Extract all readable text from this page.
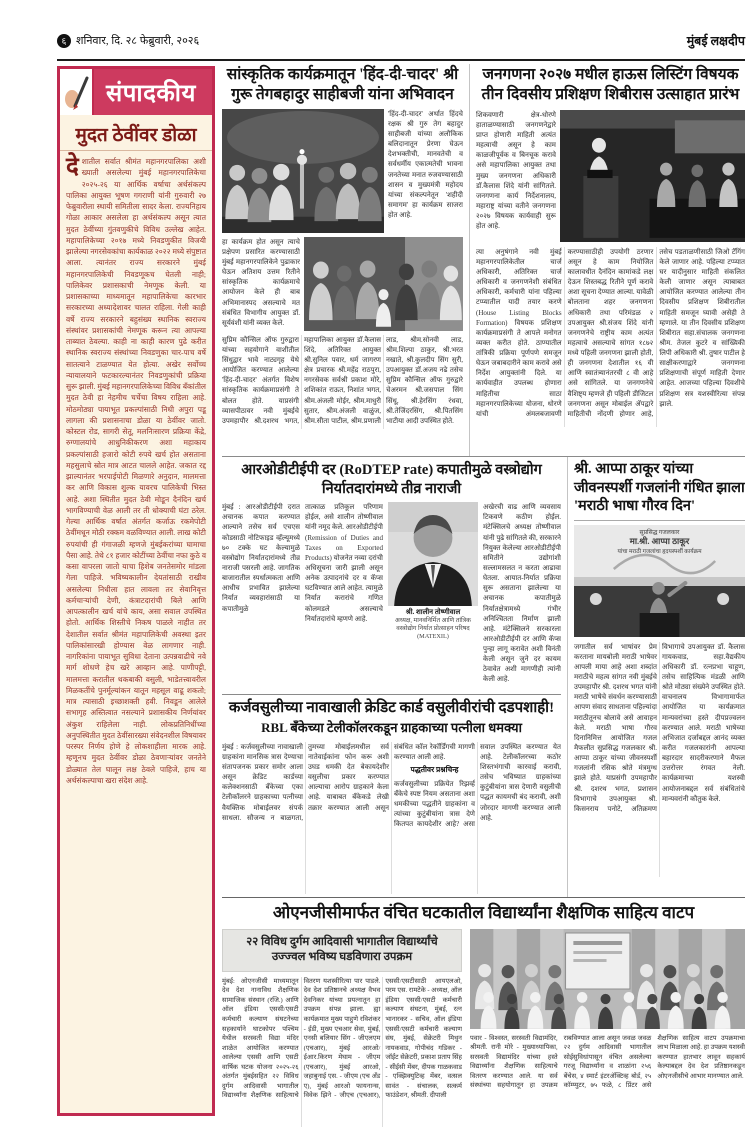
६ शनिवार, दि. २८ फेब्रुवारी, २०२६	मुंबई लक्षदीप
संपादकीय
मुदत ठेवींवर डोळा
देशातील सर्वात श्रीमंत महानगरपालिका अशी ख्याती असलेल्या मुंबई महानगरपालिकेचा २०२५-२६ या आर्थिक वर्षाचा अर्थसंकल्प पालिका आयुक्त भूषण गगराणी यांनी गुरुवारी २७ फेब्रुवारीला स्थायी समितीला सादर केला. राज्यनिहाय गोळा आकार असलेला हा अर्थसंकल्प असून त्यात मुदत ठेवींच्या गुंतवणुकीचे विविध उल्लेख आहेत. महापालिकेच्या २०१७ मध्ये निवडणुकीत विजयी झालेल्या नगरसेवकांचा कार्यकाळ २०२२ मध्ये संपुष्टात आला. त्यानंतर राज्य सरकारने मुंबई महानगरपालिकेची निवडणूकच घेतली नाही; पालिकेवर प्रशासकाची नेमणूक केली. या प्रशासकाच्या माध्यमातून महापालिकेचा कारभार सरकारच्या अध्यादेशावर चालत राहिला. गेली काही वर्षे राज्य सरकारने बहुसंख्य स्थानिक स्वराज्य संस्थांवर प्रशासकांची नेमणूक करून त्या आपल्या ताब्यात ठेवल्या. काही ना काही कारण पुढे करीत स्थानिक स्वराज्य संस्थांच्या निवडणुका चार-पाच वर्षे सातत्याने टाळण्यात येत होत्या. अखेर सर्वोच्च न्यायालयाने फटकारल्यानंतर निवडणुकांची प्रक्रिया सुरू झाली. मुंबई महानगरपालिकेच्या विविध बँकांतील मुदत ठेवी हा नेहमीच चर्चेचा विषय राहिला आहे. मोठमोठ्या पायाभूत प्रकल्पांसाठी निधी अपुरा पडू लागला की प्रशासनाचा डोळा या ठेवींवर जातो. कोस्टल रोड, सागरी सेतू, मलनिःसारण प्रक्रिया केंद्रे, रुग्णालयांचे आधुनिकीकरण अशा महाकाय प्रकल्पांसाठी हजारो कोटी रुपये खर्च होत असताना महसुलाचे स्रोत मात्र आटत चालले आहेत. जकात रद्द झाल्यानंतर भरपाईपोटी मिळणारे अनुदान, मालमत्ता कर आणि विकास शुल्क यावरच पालिकेची भिस्त आहे. अशा स्थितीत मुदत ठेवी मोडून दैनंदिन खर्च भागविण्याची वेळ आली तर ती धोक्याची घंटा ठरेल. गेल्या आर्थिक वर्षात अंतर्गत कर्जाऊ रकमेपोटी ठेवींमधून मोठी रक्कम वळविण्यात आली. लाख कोटी रुपयांची ही गंगाजळी म्हणजे मुंबईकरांच्या घामाचा पैसा आहे. तेथे ८१ हजार कोटींच्या ठेवींचा नफा कुठे व कसा वापरला जातो याचा हिशेब जनतेसमोर मांडला गेला पाहिजे. भविष्यकालीन देयतांसाठी राखीव असलेल्या निधीला हात लावला तर सेवानिवृत्त कर्मचाऱ्यांची देणी, कंत्राटदारांची बिले आणि आपत्कालीन खर्च यांचे काय, असा सवाल उपस्थित होतो. आर्थिक शिस्तीचे निकष पाळले नाहीत तर देशातील सर्वात श्रीमंत महापालिकेची अवस्था इतर पालिकांसारखी होण्यास वेळ लागणार नाही. नागरिकांना पायाभूत सुविधा देताना उत्पन्नवाढीचे नवे मार्ग शोधणे हेच खरे आव्हान आहे. पाणीपट्टी, मालमत्ता करातील थकबाकी वसुली, भाडेतत्त्वावरील मिळकतींचे पुनर्मूल्यांकन यातून महसूल वाढू शकतो; मात्र त्यासाठी इच्छाशक्ती हवी. निवडून आलेले सभागृह अस्तित्वात नसल्याने प्रशासकीय निर्णयांवर अंकुश राहिलेला नाही. लोकप्रतिनिधींच्या अनुपस्थितीत मुदत ठेवींसारख्या संवेदनशील विषयावर परस्पर निर्णय होणे हे लोकशाहीला मारक आहे. म्हणूनच मुदत ठेवींवर डोळा ठेवणाऱ्यांवर जनतेने डोळ्यात तेल घालून लक्ष ठेवले पाहिजे, हाच या अर्थसंकल्पाचा खरा संदेश आहे.
सांस्कृतिक कार्यक्रमातून 'हिंद-दी-चादर' श्री गुरू तेगबहादुर साहीबजी यांना अभिवादन
'हिंद-दी-चादर' अर्थात हिंदचे रक्षक श्री गुरु तेग बहादुर साहीबजी यांच्या अलौकिक बलिदानातून प्रेरणा घेऊन देशभक्तीची, मानवतेची व सर्वधर्मीय एकात्मतेची भावना जनतेच्या मनात रुजवण्यासाठी शासन व मुख्यमंत्री महोदय यांच्या संकल्पनेतून 'शहीदी समागम' हा कार्यक्रम साजरा होत आहे.
हा कार्यक्रम होत असून त्याचे प्रक्षेपण प्रसारित करण्यासाठी मुंबई महानगरपालिकेने पुढाकार घेऊन अतिशय उत्तम रितीने सांस्कृतिक कार्यक्रमाचे आयोजन केले ही बाब अभिमानास्पद असल्याचे मत संबंधित विभागीय आयुक्त डॉ. सूर्यवंशी यांनी व्यक्त केले.
सुप्रिम कौन्सिल ऑफ गुरुद्वारा यांच्या सहयोगाने वाशीतील सिंधुद्वार भावे नाट्यगृह येथे आयोजित करण्यात आलेल्या 'हिंद-दी-चादर' अंतर्गत विशेष सांस्कृतिक कार्यक्रमाप्रसंगी ते बोलत होते. याप्रसंगी व्यासपीठावर नवी मुंबईचे उपमहापौर श्री.दशरथ भगत, महापालिका आयुक्त डॉ.कैलास शिंदे, अतिरिक्त आयुक्त श्री.सुनिल पवार, धर्म जागरण क्षेत्र प्रचारक श्री.महेंद्र राठपुरा, नगरसेवक सर्वश्री प्रकाश मोरे, शशिकांत राऊत, निशांत भगत, श्रीम.अंजली मोईर, श्रीम.माधुरी सुतार, श्रीम.अंजली वाळुंज, श्रीम.सीता पाटील, श्रीम.प्रणाली लाड, श्रीम.सोनवी लाड, श्रीम.शिल्पा ठाकुर, श्री.भरत नखाते, श्री.कुलदीप सिंग सुरी, उपआयुक्त डॉ.अजय नढे तसेच सुप्रिम कौन्सिल ऑफ गुरुद्वारे चेअरमन श्री.जसपाल सिंग सिंधू, श्री.हेरसिंग रंधवा, श्री.तेजिंदरसिंग, श्री.पितसिंग भाटीया आदी उपस्थित होते.
जनगणना २०२७ मधील हाऊस लिस्टिंग विषयक तीन दिवसीय प्रशिक्षण शिबीरास उत्साहात प्रारंभ
शिकवणारी क्षेत्र-धोरणे हाताळण्यासाठी जनगणनेद्वारे प्राप्त होणारी माहिती अत्यंत महत्वाची असून हे काम काळजीपूर्वक व बिनचूक करावे असे महापालिका आयुक्त तथा मुख्य जनगणना अधिकारी डॉ.कैलास शिंदे यांनी सांगितले. जनगणना कार्य निर्देशनालय, महाराष्ट्र यांच्या वतीने जनगणना २०२७ विषयक कार्यवाही सुरू होत आहे.
त्या अनुषंगाने नवी मुंबई महानगरपालिकेतील चार्ज अधिकारी, अतिरिक्त चार्ज अधिकारी व जनगणनेशी संबंधित अधिकारी, कर्मचारी यांना पहिल्या टप्प्यातील यादी तयार करणे (House Listing Blocks Formation) विषयक प्रशिक्षण कार्यक्रमाप्रसंगी ते आपले मनोगत व्यक्त करीत होते. ठाण्यातील तांत्रिकी प्रक्रिया पूर्णपणे समजून घेऊन जबाबदारीने काम करावे असे निर्देश आयुक्तांनी दिले. या कार्यवाहीत उपलब्ध होणारा माहितीचा साठा महानगरपालिकेच्या योजना, धोरणे यांची अंमलबजावणी करण्यासाठीही उपयोगी ठरणार असून हे काम नियोजित कालावधीत दैनंदिन कामांकडे लक्ष देऊन शिस्तबद्ध रितीने पूर्ण करावे अशा सूचना देण्यात आल्या. यावेळी बोलताना शहर जनगणना अधिकारी तथा परिमंडळ २ उपआयुक्त श्री.संजय शिंदे यांनी जनगणनेचे राष्ट्रीय काम अत्यंत महत्वाचे असल्याचे सांगत १८७२ मध्ये पहिली जनगणना झाली होती, ही जनगणना देशातील १६ वी आणि स्वातंत्र्यानंतरची ८ वी आहे असे सांगितले. या जनगणनेचे वैशिष्ट्य म्हणजे ही पहिली डीजिटल जनगणना असून मोबाईल ॲपद्वारे माहितीची नोंदणी होणार आहे, तसेच पडताळणीसाठी जिओ टॅगिंग केले जाणार आहे. पहिल्या टप्प्यात घर यादीनुसार माहिती संकलित केली जाणार असून त्याबाबत आयोजित करण्यात आलेल्या तीन दिवसीय प्रशिक्षण शिबीरातील माहिती समजून घ्यावी असेही ते म्हणाले. या तीन दिवसीय प्रशिक्षण शिबीरात सहा.संचालक जनगणना श्रीम. तेजल कुटरे व सांख्यिकी लिपी अधिकारी श्री. तुषार पाटील हे साक्षीकरणाद्वारे जनगणना प्रशिक्षणाची संपूर्ण माहिती देणार आहेत. आजच्या पहिल्या दिवशीचे प्रशिक्षण सत्र यशस्वीरित्या संपन्न झाले.
आरओडीटीईपी दर (RoDTEP rate) कपातीमुळे वस्त्रोद्योग निर्यातदारांमध्ये तीव्र नाराजी
मुंबई : आरओडीटीईपी दरात अचानक कपात करण्यात आल्याने तसेच सर्व एचएस कोडसाठी नोटिफाइड व्हॅल्यूमध्ये ७० टक्के घट केल्यामुळे वस्त्रोद्योग निर्यातदारांमध्ये तीव्र नाराजी पसरली आहे. जागतिक बाजारातील स्पर्धात्मकता आणि आधीच प्रभावित झालेल्या निर्यात व्यवहारांसाठी या कपातीमुळे
तात्काळ प्रतिकूल परिणाम होईल, असे शालीन तोष्णीवाल यांनी नमूद केले. आरओडीटीईपी (Remission of Duties and Taxes on Exported Products) योजनेत नव्या दरांची अधिसूचना जारी झाली असून अनेक उत्पादनांचे दर व कॅप्स घटविण्यात आले आहेत. त्यामुळे निर्यात करारांचे गणित कोलमडले असल्याचे निर्यातदारांचे म्हणणे आहे.
श्री. शालीन तोष्णीवाल
अध्यक्ष, मानवनिर्मित आणि तांत्रिक वस्त्रोद्योग निर्यात प्रोत्साहन परिषद (MATEXIL)
अखेरची वाढ आणि व्यवसाय टिकवणे कठीण होईल. मंटेक्सिलचे अध्यक्ष तोष्णीवाल यांनी पुढे सांगितले की, सरकारने नियुक्त केलेल्या आरओडीटीईपी समितीने उद्योगांशी सल्लामसलत न करता आढावा घेतला. आयात-निर्यात प्रक्रिया सुरू असताना झालेल्या या अचानक कपातीमुळे निर्यातक्षेत्रामध्ये गंभीर अनिश्चितता निर्माण झाली आहे. मंटेक्सिलने सरकारला आरओडीटीईपी दर आणि कॅप्स पुन्हा लागू करावेत अशी विनंती केली असून जुने दर कायम ठेवावेत अशी मागणीही त्यांनी केली आहे.
कर्जवसुलीच्या नावाखाली क्रेडिट कार्ड वसुलीवीरांची दडपशाही!
RBL बँकेच्या टेलीकॉलरकडून ग्राहकाच्या पत्नीला धमक्या
मुंबई : कर्जवसुलीच्या नावाखाली ग्राहकांना मानसिक त्रास देण्याचा संतापजनक प्रकार समोर आला असून क्रेडिट कार्डच्या कलेक्शनसाठी बँकेच्या एका टेलीकॉलरने ग्राहकाच्या पत्नीच्या वैयक्तिक मोबाईलवर संपर्क साधला. सौजन्य न बाळगता, तुमच्या मोबाईलमधील सर्व नातेवाईकांना फोन करू अशी उघड धमकी देत बेकायदेशीर वसुलीचा प्रकार करण्यात आल्याचा आरोप ग्राहकाने केला आहे. याबाबत बँकेकडे लेखी तक्रार करण्यात आली असून संबंधित कॉल रेकॉर्डिंगची मागणी करण्यात आली आहे.
पद्धतीवर प्रश्नचिन्ह
कर्जवसुलीच्या प्रक्रियेत रिझर्व्ह बँकेचे स्पष्ट नियम असताना अशा धमकीच्या पद्धतीने ग्राहकांना व त्यांच्या कुटुंबीयांना त्रास देणे कितपत कायदेशीर आहे? असा सवाल उपस्थित करण्यात येत आहे. टेलीकॉलरच्या कठोर शिस्तभंगाची कारवाई करावी, तसेच भविष्यात ग्राहकांच्या कुटुंबीयांना त्रास देणारी वसुलीची पद्धत कायमची बंद करावी, अशी जोरदार मागणी करण्यात आली आहे.
श्री. आप्पा ठाकूर यांच्या जीवनस्पर्शी गजलांनी गंधित झाला 'मराठी भाषा गौरव दिन'
सुप्रसिद्ध गजलकार
मा.श्री. आप्पा ठाकूर
यांचा मराठी गजलांचा हृदयस्पर्शी कार्यक्रम
जगातील सर्व भाषांवर प्रेम करताना मायबोली मराठी भाषेवर आपली माया आहे अशा शब्दांत मराठीचे महत्व सांगत नवी मुंबईचे उपमहापौर श्री. दशरथ भगत यांनी मराठी भाषेचे संवर्धन करण्यासाठी आपण संवाद साधताना पहिल्यांदा मराठीतूनच बोलावे असे आवाहन केले. मराठी भाषा गौरव दिनानिमित्त आयोजित गजल मैफलीत सुप्रसिद्ध गजलकार श्री. आप्पा ठाकूर यांच्या जीवनस्पर्शी गजलांनी रसिक श्रोते मंत्रमुग्ध झाले होते. याप्रसंगी उपमहापौर श्री. दशरथ भगत, प्रशासन विभागाचे उपआयुक्त श्री. किसनराय पनोटे, अतिक्रमण विभागाचे उपआयुक्त डॉ. कैलास गायकवाड, सहा.वैद्यकीय अधिकारी डॉ. रत्नप्रभा चाहूण, तसेच साहित्यिक मंडळी आणि श्रोते मोठ्या संख्येने उपस्थित होते. वाचनालय विभागामार्फत आयोजित या कार्यक्रमात मान्यवरांच्या हस्ते दीपप्रज्वलन करण्यात आले. मराठी भाषेच्या अभिजात दर्जाबद्दल आनंद व्यक्त करीत गजलकारांनी आपल्या बहारदार सादरीकरणाने मैफल उत्तरोत्तर रंगवत नेली. कार्यक्रमाच्या यशस्वी आयोजनाबद्दल सर्व संबंधितांचे मान्यवरांनी कौतुक केले.
ओएनजीसीमार्फत वंचित घटकातील विद्यार्थ्यांना शैक्षणिक साहित्य वाटप
२२ विविध दुर्गम आदिवासी भागातील विद्यार्थ्यांचे उज्ज्वल भविष्य घडविणारा उपक्रम
मुंबई: ओएनजीसी माध्यमातून देव देश नानाविध शैक्षणिक सामाजिक संस्थान (रजि.) आणि ऑल इंडिया एससी/एसटी कर्मचारी कल्याण संघटनेच्या सहकार्याने घाटकोपर पश्चिम येथील सरस्वती विद्या मंदिर शाळेत आयोजित करण्यात आलेल्या एससी आणि एसटी वार्षिक घटक योजना २०२५-२६ अंतर्गत मुंबईसहित २२ विविध दुर्गम आदिवासी भागातील विद्यार्थ्यांना शैक्षणिक साहित्याचे वितरण यशस्वीरित्या पार पाडले. देव देश प्रतिष्ठानचे अध्यक्ष वैभव देवनिकर यांच्या प्रयत्नातून हा उपक्रम संपन्न झाला. ह्या कार्यक्रमात मुख्य पाहुणे रविशंकर - ईडी, मुख्य एचआर सेवा, मुंबई, एनसी बलियार सिंग - जीएलएम (एचआर), मुंबई आरओ/ईआर.किरण मेघाम - जीएम (एचआर), मुंबई आरओ, जहाबुनाई एस. - जीएम (एच अँड ए), मुंबई आरओ फायनान्स, विवेक झिने - जीएच (एचआर), एससी/एसटीसाठी आयएलओ, परम एस. रामटेके - अध्यक्ष, ऑल इंडिया एससी/एसटी कर्मचारी कल्याण संघटना, मुंबई, रत्न भानारकर - सचिव, ऑल इंडिया एससी/एसटी कर्मचारी कल्याण संघ, मुंबई, सेक्रेटरी मिथुन नायकवाड, गोपीचंद गडिकर - जॉईंट सेक्रेटरी, प्रकाश प्रताप सिंह - सीईसी मेंबर, दीपक गाळकवाड - एक्झिक्युटिव्ह मेंबर, वत्सल सावंत - संचालक, सत्कर्म फाउंडेशन, श्रीमती. दीपाली
पवार - विश्वस्त, सरस्वती विद्यामंदिर, श्रीमती. रानी मोरे - मुख्याध्यापिका, सरस्वती विद्यामंदिर यांच्या हस्ते विद्यार्थ्यांना शैक्षणिक साहित्याचे वितरण करण्यात आले. या सर्व संस्थांच्या सहयोगातून हा उपक्रम राबविण्यात आला असून जवळ जवळ २२ दुर्गम आदिवासी भागातील सोईसुविधांपासून वंचित असलेल्या गरजू विद्यार्थ्यांना व शाळांना २५६ बेंचेस, ४ स्मार्ट इंटरॲक्टिव्ह बोर्ड, २५ कॉम्प्युटर, ७५ फळे, ८ प्रिंटर असे शैक्षणिक साहित्य वाटप उपक्रमाचा लाभ मिळाला आहे. हा उपक्रम यशस्वी करण्यात हातभार लावून सहकार्य केल्याबद्दल देव देश प्रतिष्ठानकडून ओएनजीसीचे आभार मानण्यात आले.
